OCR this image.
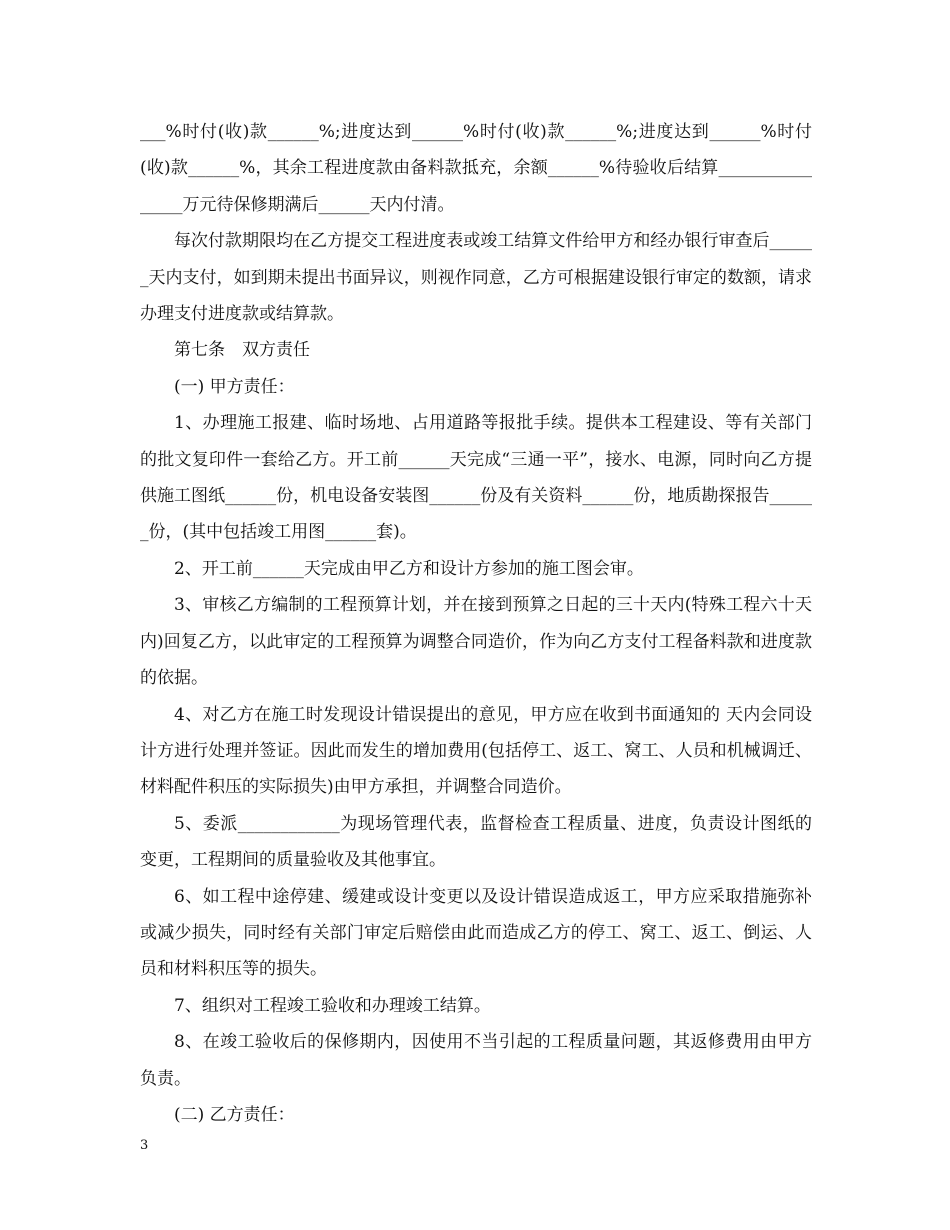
___%时付(收)款______%;进度达到______%时付(收)款______%;进度达到______%时付(收)款______%，其余工程进度款由备料款抵充，余额______%待验收后结算________________万元待保修期满后______天内付清。

每次付款期限均在乙方提交工程进度表或竣工结算文件给甲方和经办银行审查后______天内支付，如到期未提出书面异议，则视作同意，乙方可根据建设银行审定的数额，请求办理支付进度款或结算款。

第七条　双方责任

(一) 甲方责任：

1、办理施工报建、临时场地、占用道路等报批手续。提供本工程建设、等有关部门的批文复印件一套给乙方。开工前______天完成“三通一平”，接水、电源，同时向乙方提供施工图纸______份，机电设备安装图______份及有关资料______份，地质勘探报告______份，(其中包括竣工用图______套)。

2、开工前______天完成由甲乙方和设计方参加的施工图会审。

3、审核乙方编制的工程预算计划，并在接到预算之日起的三十天内(特殊工程六十天内)回复乙方，以此审定的工程预算为调整合同造价，作为向乙方支付工程备料款和进度款的依据。

4、对乙方在施工时发现设计错误提出的意见，甲方应在收到书面通知的 天内会同设计方进行处理并签证。因此而发生的增加费用(包括停工、返工、窝工、人员和机械调迁、材料配件积压的实际损失)由甲方承担，并调整合同造价。

5、委派____________为现场管理代表，监督检查工程质量、进度，负责设计图纸的变更，工程期间的质量验收及其他事宜。

6、如工程中途停建、缓建或设计变更以及设计错误造成返工，甲方应采取措施弥补或减少损失，同时经有关部门审定后赔偿由此而造成乙方的停工、窝工、返工、倒运、人员和材料积压等的损失。

7、组织对工程竣工验收和办理竣工结算。

8、在竣工验收后的保修期内，因使用不当引起的工程质量问题，其返修费用由甲方负责。

(二) 乙方责任：

3
